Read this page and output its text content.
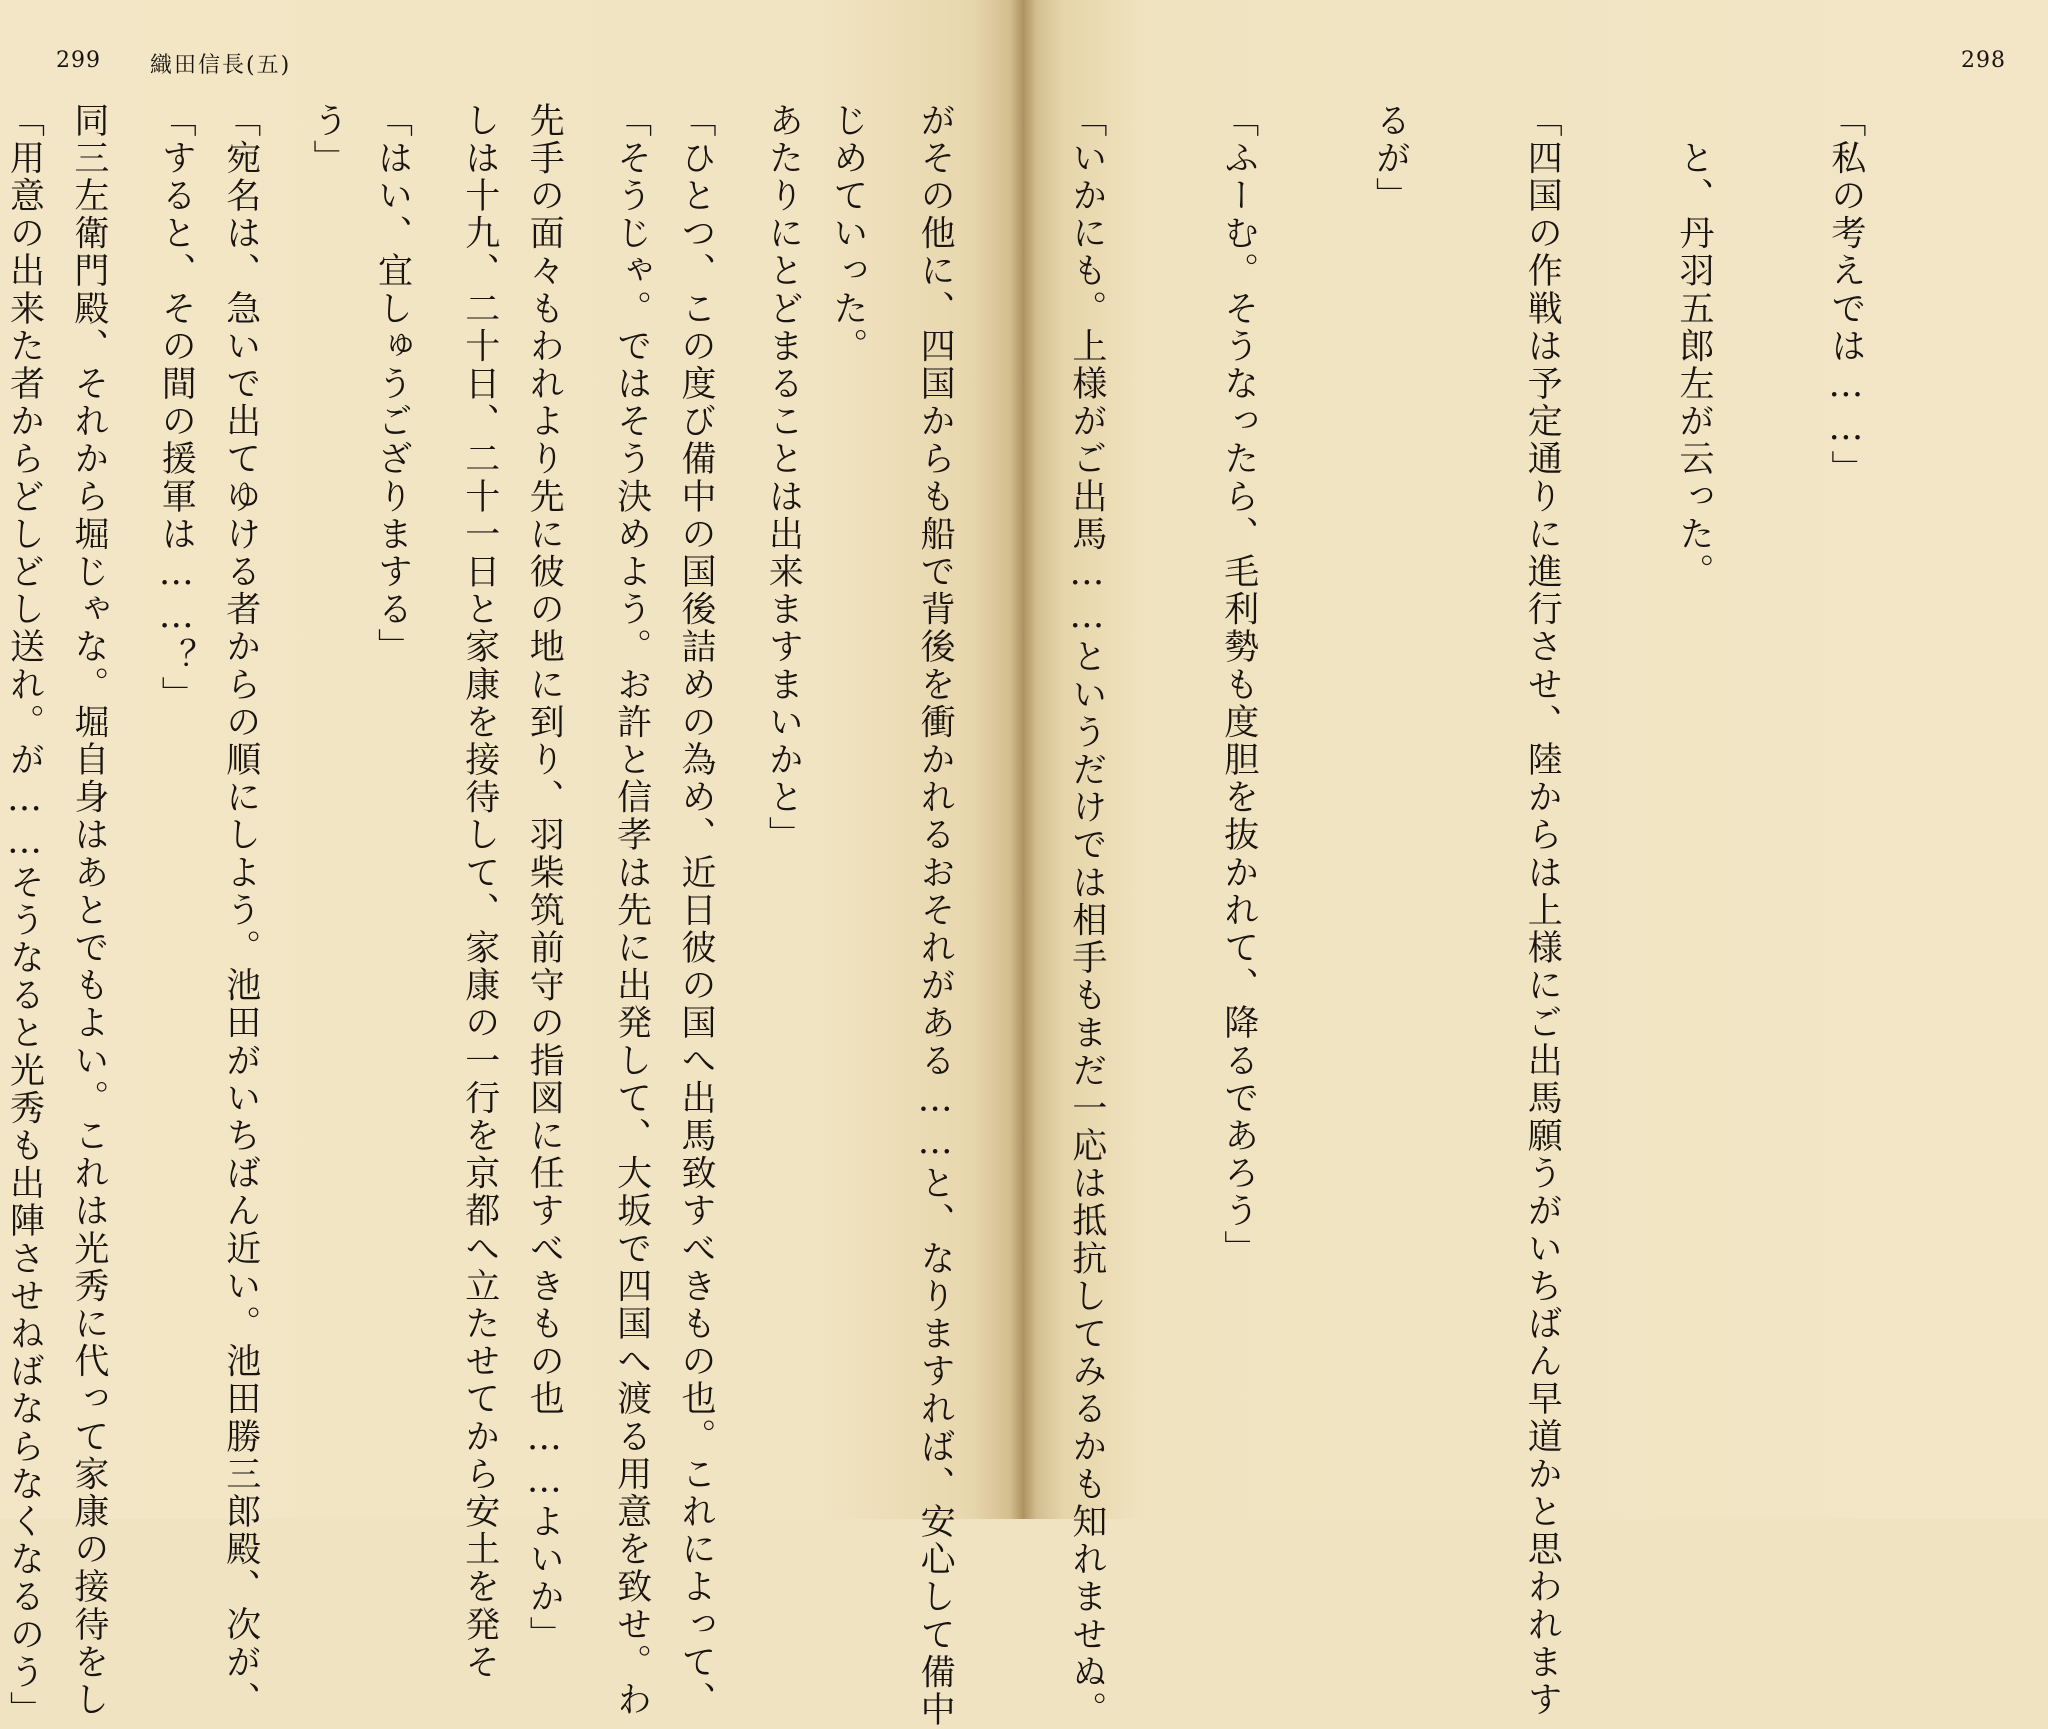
299 織田信長(五)

じめていった。

「ひとつ、この度び備中の国後詰めの為め、近日彼の国へ出馬致すべきもの也。これによって、

先手の面々もわれより先に彼の地に到り、羽柴筑前守の指図に任すべきもの也……よいか」

「はい、宜しゅうござりまする」

「宛名は、急いで出てゆける者からの順にしよう。池田がいちばん近い。池田勝三郎殿、次が、

同三左衛門殿、それから堀じゃな。堀自身はあとでもよい。これは光秀に代って家康の接待をし

298

「私の考えでは……」

　と、丹羽五郎左が云った。

「四国の作戦は予定通りに進行させ、陸からは上様にご出馬願うがいちばん早道かと思われます

るが」

「ふーむ。そうなったら、毛利勢も度胆を抜かれて、降るであろう」

「いかにも。上様がご出馬……というだけでは相手もまだ一応は抵抗してみるかも知れませぬ。

がその他に、四国からも船で背後を衝かれるおそれがある……と、なりますれば、安心して備中

あたりにとどまることは出来ますまいかと」

「そうじゃ。ではそう決めよう。お許と信孝は先に出発して、大坂で四国へ渡る用意を致せ。わ

しは十九、二十日、二十一日と家康を接待して、家康の一行を京都へ立たせてから安土を発そ

う」

「すると、その間の援軍は……？」

「用意の出来た者からどしどし送れ。が……そうなると光秀も出陣させねばならなくなるのう」
